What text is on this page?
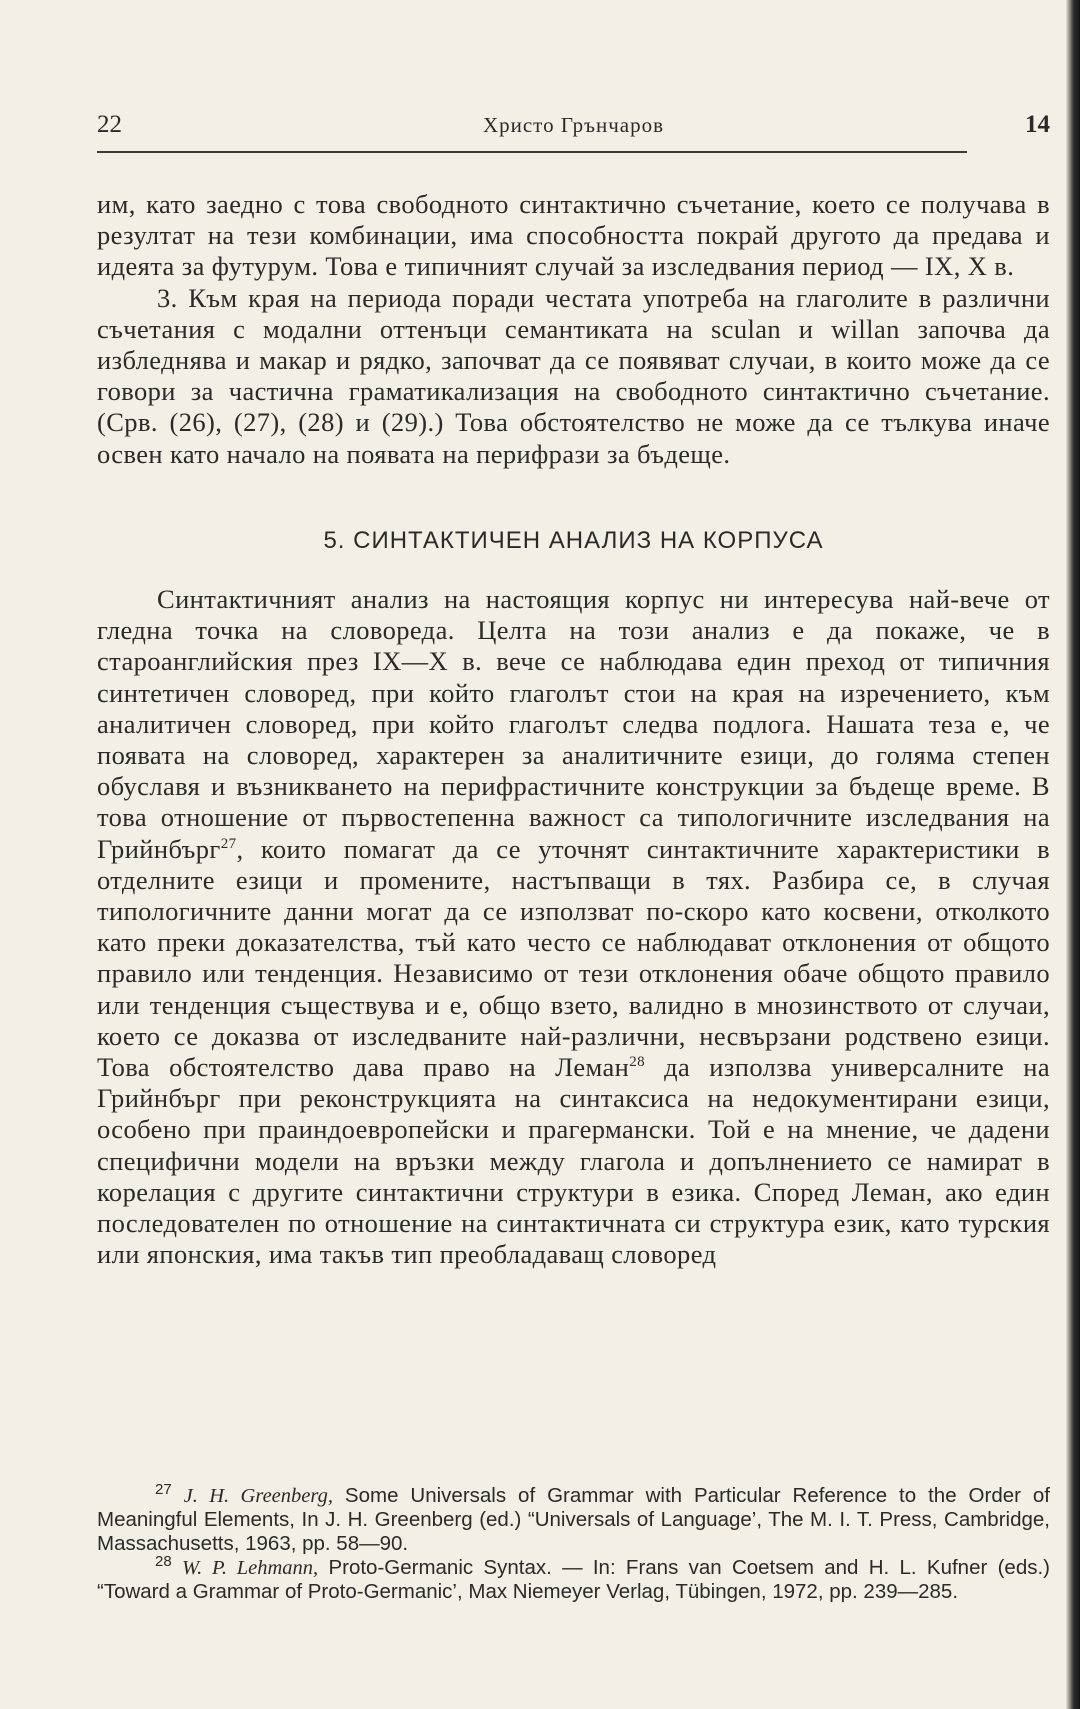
22	Христо Грънчаров	14

им, като заедно с това свободното синтактично съчетание, което се получава в резултат на тези комбинации, има способността покрай другото да предава и идеята за футурум. Това е типичният случай за изследвания период — IX, X в.

3. Към края на периода поради честата употреба на глаголите в различни съчетания с модални оттенъци семантиката на sculan и willan започва да избледнява и макар и рядко, започват да се появяват случаи, в които може да се говори за частична граматикализация на свободното синтактично съчетание. (Срв. (26), (27), (28) и (29).) Това обстоятелство не може да се тълкува иначе освен като начало на появата на перифрази за бъдеще.

5. СИНТАКТИЧЕН АНАЛИЗ НА КОРПУСА

Синтактичният анализ на настоящия корпус ни интересува най-вече от гледна точка на словореда. Целта на този анализ е да покаже, че в староанглийския през IX—X в. вече се наблюдава един преход от типичния синтетичен словоред, при който глаголът стои на края на изречението, към аналитичен словоред, при който глаголът следва подлога. Нашата теза е, че появата на словоред, характерен за аналитичните езици, до голяма степен обуславя и възникването на перифрастичните конструкции за бъдеще време. В това отношение от първостепенна важност са типологичните изследвания на Грийнбърг$^{27}$, които помагат да се уточнят синтактичните характеристики в отделните езици и промените, настъпващи в тях. Разбира се, в случая типологичните данни могат да се използват по-скоро като косвени, отколкото като преки доказателства, тъй като често се наблюдават отклонения от общото правило или тенденция. Независимо от тези отклонения обаче общото правило или тенденция съществува и е, общо взето, валидно в мнозинството от случаи, което се доказва от изследваните най-различни, несвързани родствено езици. Това обстоятелство дава право на Леман$^{28}$ да използва универсалните на Грийнбърг при реконструкцията на синтаксиса на недокументирани езици, особено при праиндоевропейски и прагермански. Той е на мнение, че дадени специфични модели на връзки между глагола и допълнението се намират в корелация с другите синтактични структури в езика. Според Леман, ако един последователен по отношение на синтактичната си структура език, като турския или японския, има такъв тип преобладаващ словоред

$^{27}$ J. H. Greenberg, Some Universals of Grammar with Particular Reference to the Order of Meaningful Elements, In J. H. Greenberg (ed.) “Universals of Language’, The M. I. T. Press, Cambridge, Massachusetts, 1963, pp. 58—90.

$^{28}$ W. P. Lehmann, Proto-Germanic Syntax. — In: Frans van Coetsem and H. L. Kufner (eds.) “Toward a Grammar of Proto-Germanic’, Max Niemeyer Verlag, Tübingen, 1972, pp. 239—285.
